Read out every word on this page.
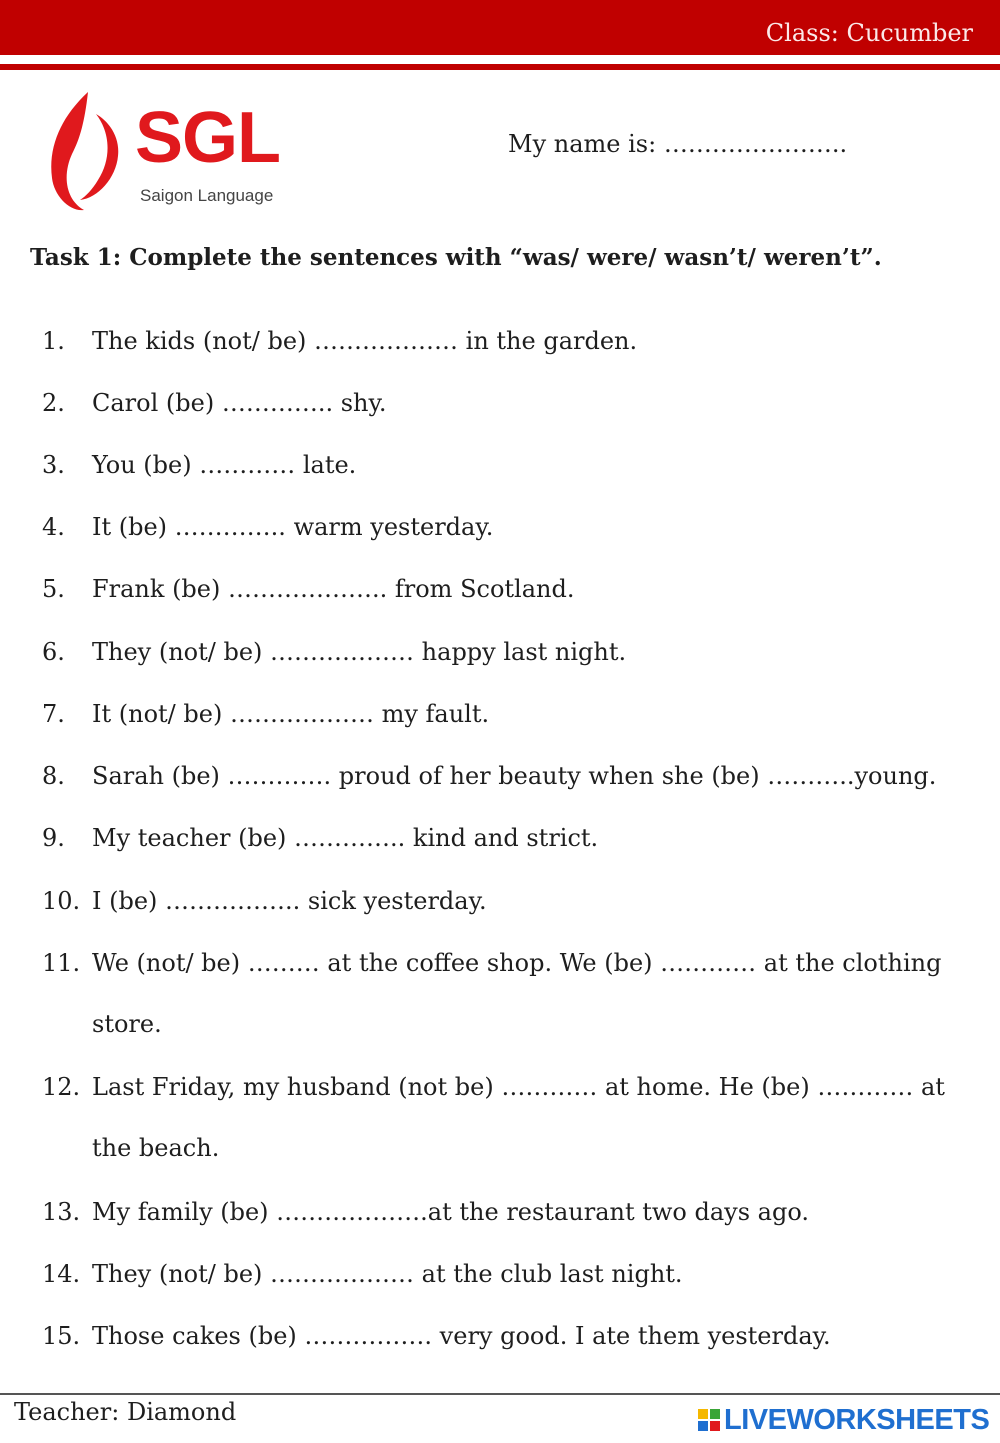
Class: Cucumber
SGL
Saigon Language
My name is: …………………..
Task 1: Complete the sentences with “was/ were/ wasn’t/ weren’t”.
1. The kids (not/ be) ……………… in the garden.
2. Carol (be) ………….. shy.
3. You (be) ………… late.
4. It (be) ………….. warm yesterday.
5. Frank (be) ……………….. from Scotland.
6. They (not/ be) ……………… happy last night.
7. It (not/ be) ……………… my fault.
8. Sarah (be) …………. proud of her beauty when she (be) ………..young.
9. My teacher (be) ………….. kind and strict.
10. I (be) …………….. sick yesterday.
11. We (not/ be) ……… at the coffee shop. We (be) ………… at the clothing
store.
12. Last Friday, my husband (not be) ………… at home. He (be) ………… at
the beach.
13. My family (be) ……………….at the restaurant two days ago.
14. They (not/ be) ……………… at the club last night.
15. Those cakes (be) ……………. very good. I ate them yesterday.
Teacher: Diamond	LIVEWORKSHEETS
